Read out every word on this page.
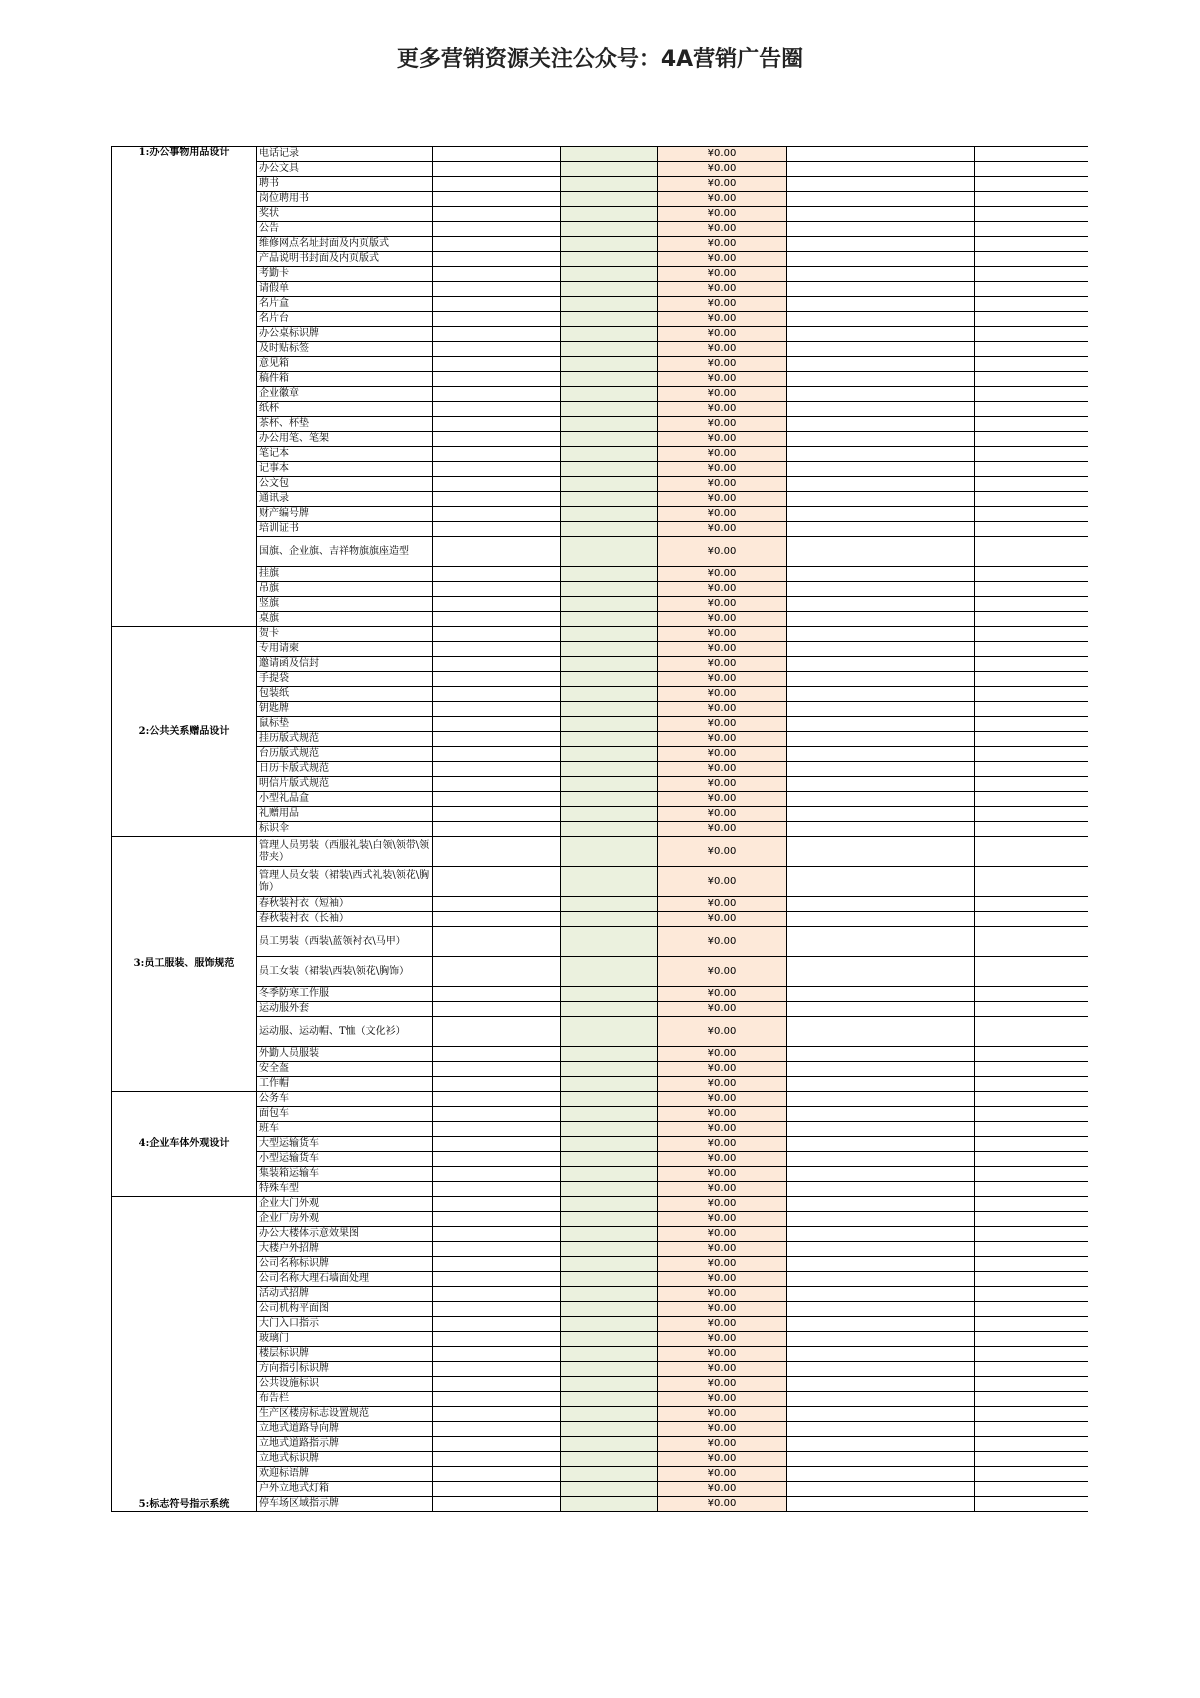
更多营销资源关注公众号：4A营销广告圈
1:办公事物用品设计	电话记录			¥0.00		
	办公文具			¥0.00		
	聘书			¥0.00		
	岗位聘用书			¥0.00		
	奖状			¥0.00		
	公告			¥0.00		
	维修网点名址封面及内页版式			¥0.00		
	产品说明书封面及内页版式			¥0.00		
	考勤卡			¥0.00		
	请假单			¥0.00		
	名片盒			¥0.00		
	名片台			¥0.00		
	办公桌标识牌			¥0.00		
	及时贴标签			¥0.00		
	意见箱			¥0.00		
	稿件箱			¥0.00		
	企业徽章			¥0.00		
	纸杯			¥0.00		
	茶杯、杯垫			¥0.00		
	办公用笔、笔架			¥0.00		
	笔记本			¥0.00		
	记事本			¥0.00		
	公文包			¥0.00		
	通讯录			¥0.00		
	财产编号牌			¥0.00		
	培训证书			¥0.00		
	国旗、企业旗、吉祥物旗旗座造型			¥0.00		
	挂旗			¥0.00		
	吊旗			¥0.00		
	竖旗			¥0.00		
	桌旗			¥0.00		
2:公共关系赠品设计	贺卡			¥0.00		
	专用请柬			¥0.00		
	邀请函及信封			¥0.00		
	手提袋			¥0.00		
	包装纸			¥0.00		
	钥匙牌			¥0.00		
	鼠标垫			¥0.00		
	挂历版式规范			¥0.00		
	台历版式规范			¥0.00		
	日历卡版式规范			¥0.00		
	明信片版式规范			¥0.00		
	小型礼品盒			¥0.00		
	礼赠用品			¥0.00		
	标识伞			¥0.00		
3:员工服装、服饰规范	管理人员男装（西服礼装\白领\领带\领带夹）			¥0.00		
	管理人员女装（裙装\西式礼装\领花\胸饰）			¥0.00		
	春秋装衬衣（短袖）			¥0.00		
	春秋装衬衣（长袖）			¥0.00		
	员工男装（西装\蓝领衬衣\马甲）			¥0.00		
	员工女装（裙装\西装\领花\胸饰）			¥0.00		
	冬季防寒工作服			¥0.00		
	运动服外套			¥0.00		
	运动服、运动帽、T恤（文化衫）			¥0.00		
	外勤人员服装			¥0.00		
	安全盔			¥0.00		
	工作帽			¥0.00		
4:企业车体外观设计	公务车			¥0.00		
	面包车			¥0.00		
	班车			¥0.00		
	大型运输货车			¥0.00		
	小型运输货车			¥0.00		
	集装箱运输车			¥0.00		
	特殊车型			¥0.00		
5:标志符号指示系统	企业大门外观			¥0.00		
	企业厂房外观			¥0.00		
	办公大楼体示意效果图			¥0.00		
	大楼户外招牌			¥0.00		
	公司名称标识牌			¥0.00		
	公司名称大理石墙面处理			¥0.00		
	活动式招牌			¥0.00		
	公司机构平面图			¥0.00		
	大门入口指示			¥0.00		
	玻璃门			¥0.00		
	楼层标识牌			¥0.00		
	方向指引标识牌			¥0.00		
	公共设施标识			¥0.00		
	布告栏			¥0.00		
	生产区楼房标志设置规范			¥0.00		
	立地式道路导向牌			¥0.00		
	立地式道路指示牌			¥0.00		
	立地式标识牌			¥0.00		
	欢迎标语牌			¥0.00		
	户外立地式灯箱			¥0.00		
	停车场区域指示牌			¥0.00		
